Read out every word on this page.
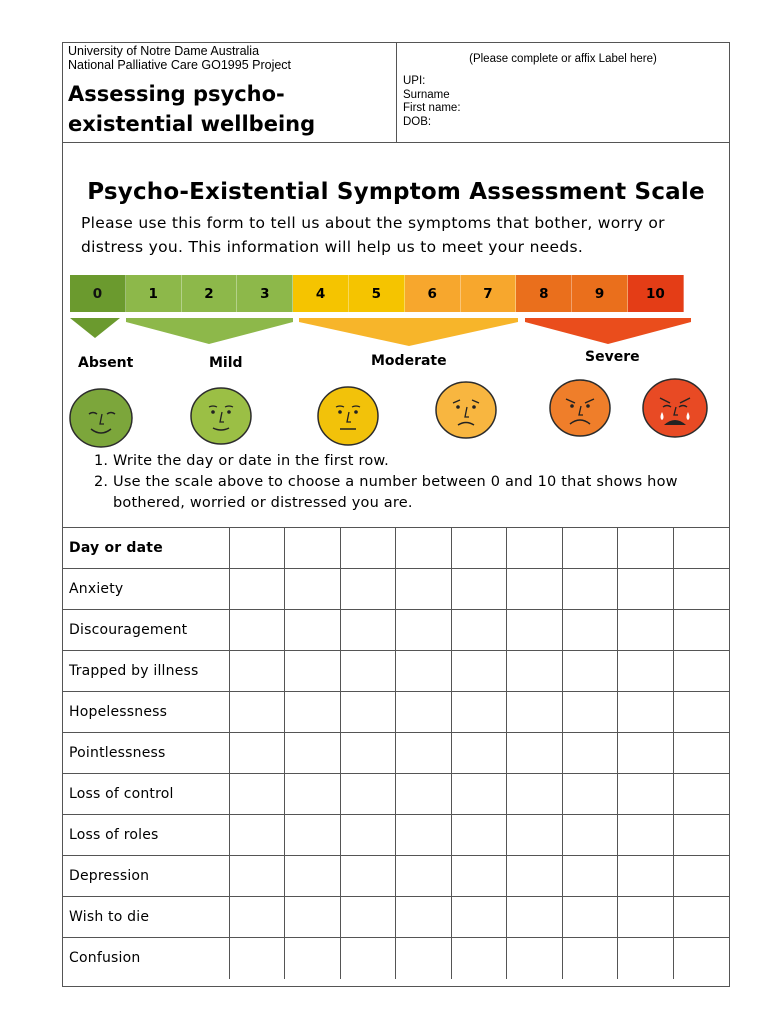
University of Notre Dame Australia
National Palliative Care GO1995 Project
Assessing psycho-
existential wellbeing
(Please complete or affix Label here)
UPI:
Surname
First name:
DOB:
Psycho-Existential Symptom Assessment Scale
Please use this form to tell us about the symptoms that bother, worry or distress you. This information will help us to meet your needs.
0	1	2	3	4	5	6	7	8	9	10
Absent	Mild	Moderate	Severe
1. Write the day or date in the first row.
2. Use the scale above to choose a number between 0 and 10 that shows how bothered, worried or distressed you are.
Day or date									
Anxiety									
Discouragement									
Trapped by illness									
Hopelessness									
Pointlessness									
Loss of control									
Loss of roles									
Depression									
Wish to die									
Confusion									
